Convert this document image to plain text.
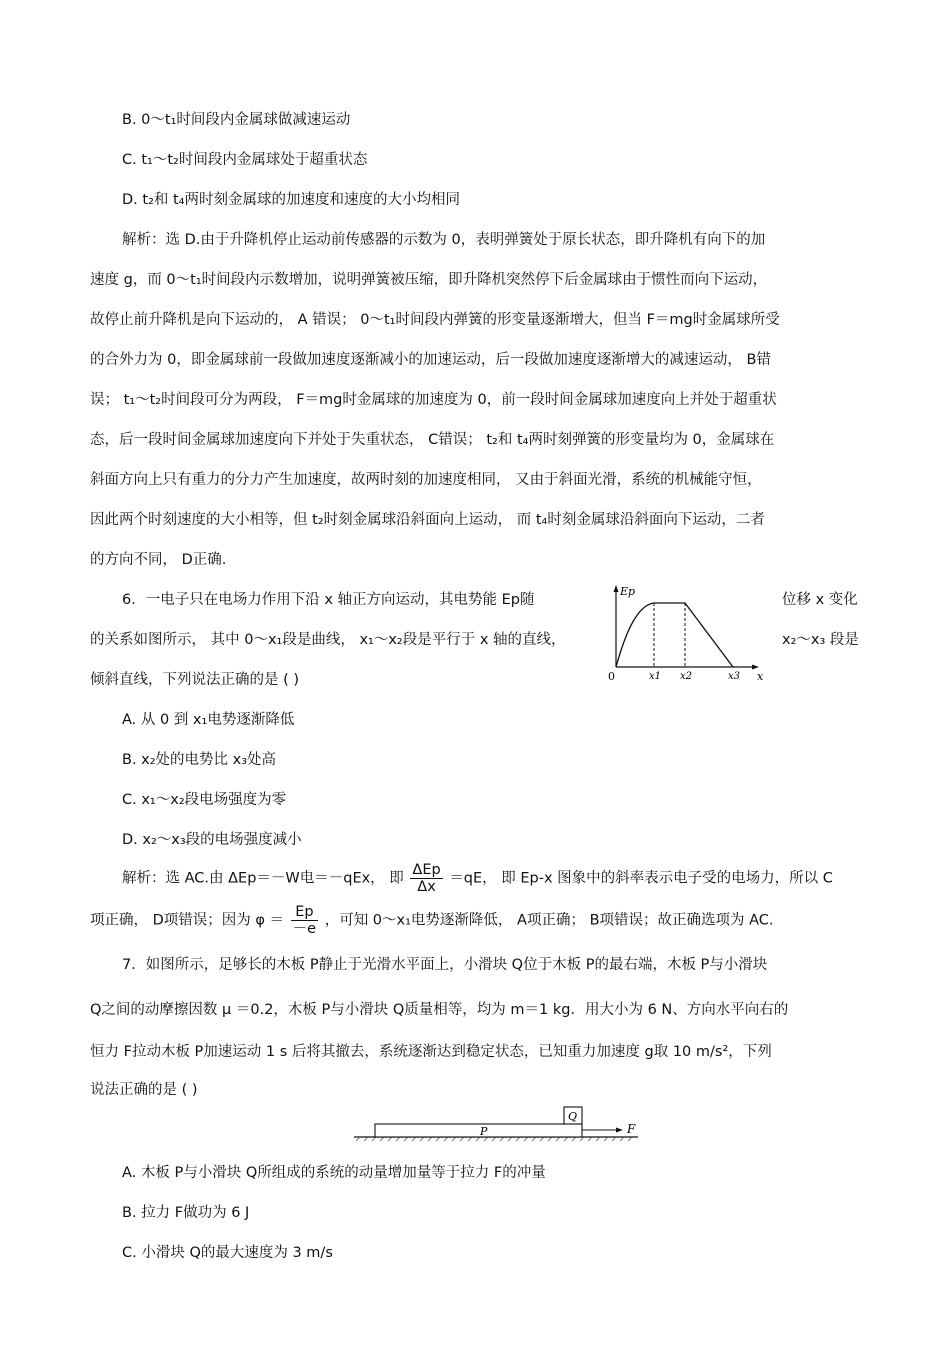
B. 0～t₁时间段内金属球做减速运动
C. t₁～t₂时间段内金属球处于超重状态
D. t₂和 t₄两时刻金属球的加速度和速度的大小均相同
解析：选 D.由于升降机停止运动前传感器的示数为 0，表明弹簧处于原长状态，即升降机有向下的加
速度 g，而 0～t₁时间段内示数增加，说明弹簧被压缩，即升降机突然停下后金属球由于惯性而向下运动，
故停止前升降机是向下运动的， A 错误； 0～t₁时间段内弹簧的形变量逐渐增大，但当 F＝mg时金属球所受
的合外力为 0，即金属球前一段做加速度逐渐减小的加速运动，后一段做加速度逐渐增大的减速运动， B错
误； t₁～t₂时间段可分为两段， F＝mg时金属球的加速度为 0，前一段时间金属球加速度向上并处于超重状
态，后一段时间金属球加速度向下并处于失重状态， C错误； t₂和 t₄两时刻弹簧的形变量均为 0，金属球在
斜面方向上只有重力的分力产生加速度，故两时刻的加速度相同， 又由于斜面光滑，系统的机械能守恒，
因此两个时刻速度的大小相等，但 t₂时刻金属球沿斜面向上运动， 而 t₄时刻金属球沿斜面向下运动，二者
的方向不同， D正确.
6．一电子只在电场力作用下沿 x 轴正方向运动，其电势能 Ep随	位移 x 变化
的关系如图所示， 其中 0～x₁段是曲线， x₁～x₂段是平行于 x 轴的直线，	x₂～x₃ 段是
倾斜直线，下列说法正确的是 ( )
A. 从 0 到 x₁电势逐渐降低
B. x₂处的电势比 x₃处高
C. x₁～x₂段电场强度为零
D. x₂～x₃段的电场强度减小
7．如图所示，足够长的木板 P静止于光滑水平面上，小滑块 Q位于木板 P的最右端，木板 P与小滑块
Q之间的动摩擦因数 μ ＝0.2，木板 P与小滑块 Q质量相等，均为 m＝1 kg．用大小为 6 N、方向水平向右的
恒力 F拉动木板 P加速运动 1 s 后将其撤去，系统逐渐达到稳定状态，已知重力加速度 g取 10 m/s²，下列
说法正确的是 ( )
A. 木板 P与小滑块 Q所组成的系统的动量增加量等于拉力 F的冲量
B. 拉力 F做功为 6 J
C. 小滑块 Q的最大速度为 3 m/s
解析：选 AC.由 ΔEp＝－W电＝－qEx， 即 $\frac{\text{ΔEp}}{\Delta x} =qE$， 即 Ep-x 图象中的斜率表示电子受的电场力，所以 C
项正确， D项错误；因为 $\varphi = \frac{Ep}{-e}$ ，可知 0～x₁电势逐渐降低， A项正确； B项错误；故正确选项为 AC.
Ep
0	x1 x2	x3 x
P
Q
F
